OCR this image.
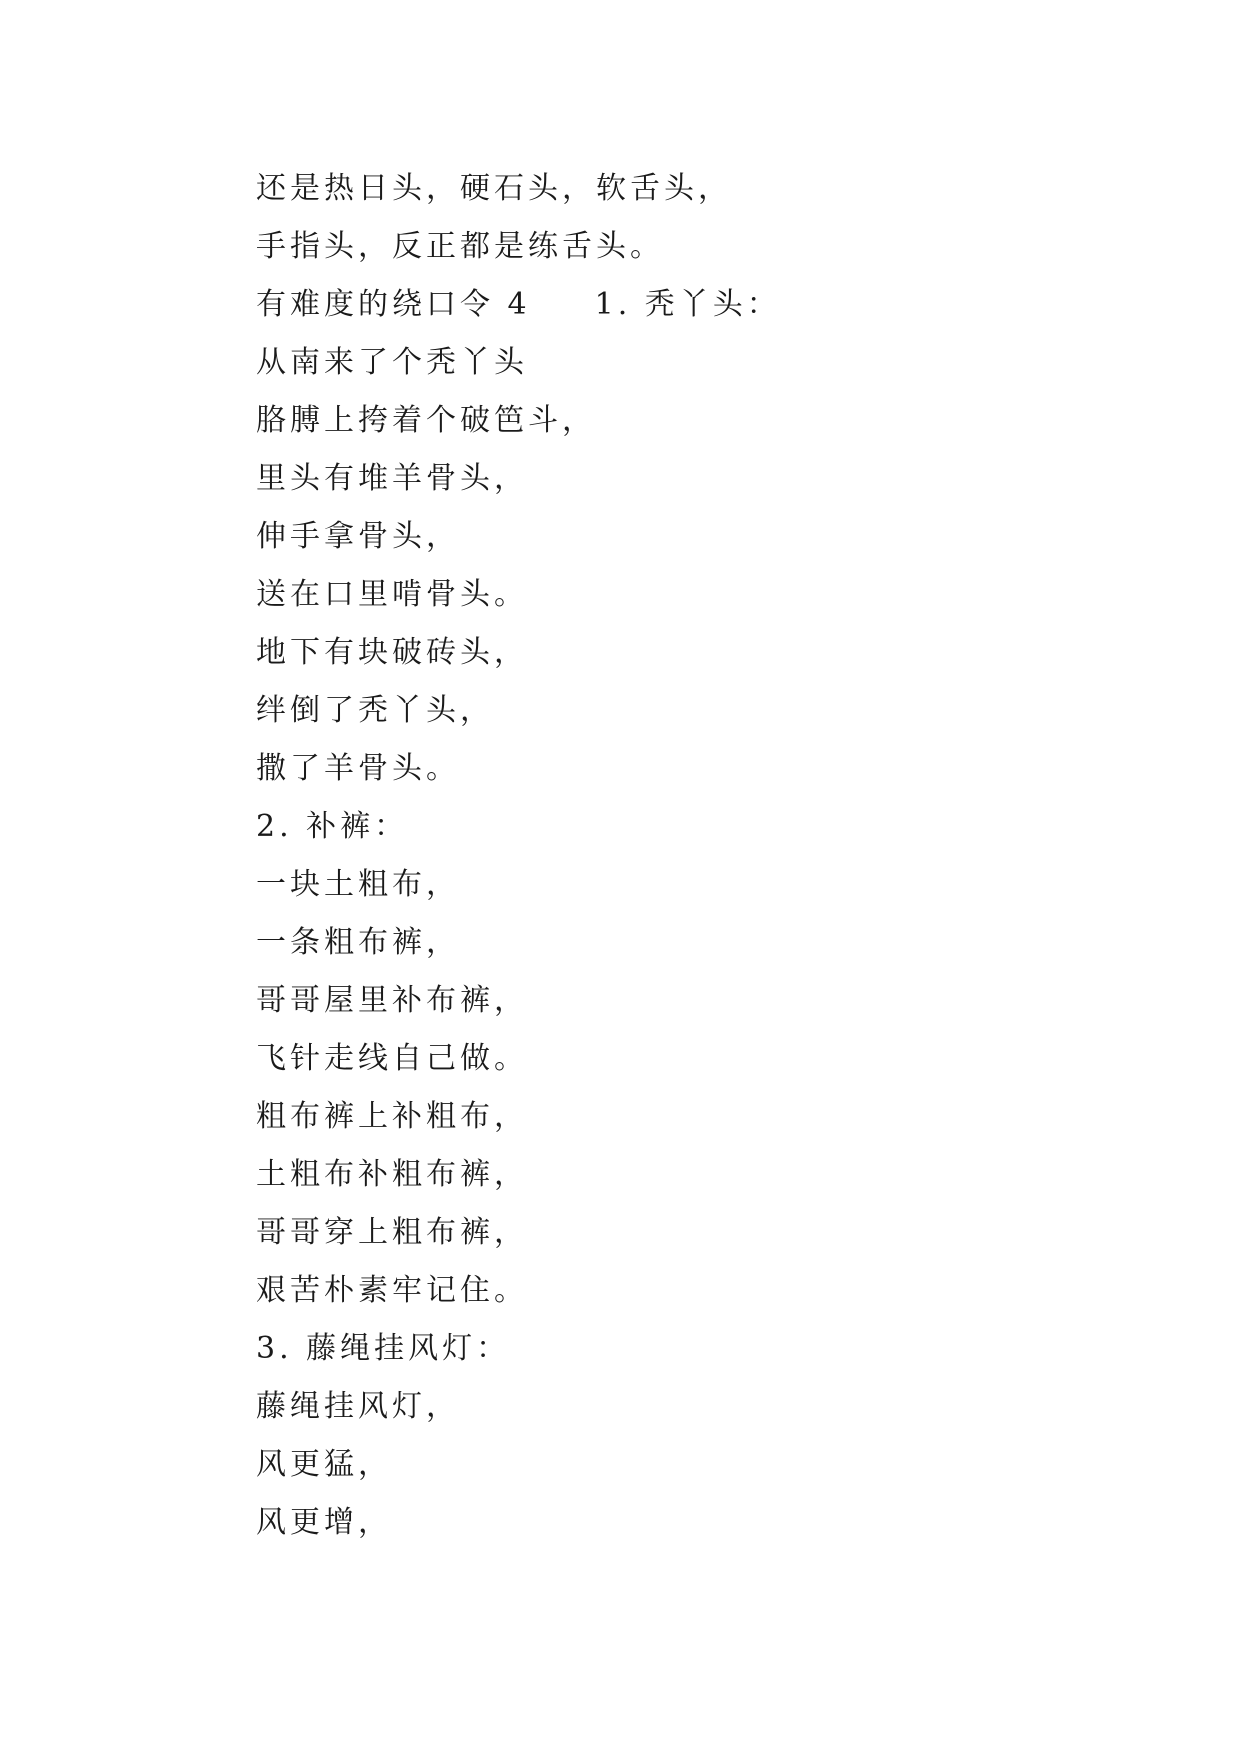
还是热日头，硬石头，软舌头，
手指头，反正都是练舌头。
有难度的绕口令 4 1. 秃丫头：
从南来了个秃丫头
胳膊上挎着个破笆斗，
里头有堆羊骨头，
伸手拿骨头，
送在口里啃骨头。
地下有块破砖头，
绊倒了秃丫头，
撒了羊骨头。
2. 补裤：
一块土粗布，
一条粗布裤，
哥哥屋里补布裤，
飞针走线自己做。
粗布裤上补粗布，
土粗布补粗布裤，
哥哥穿上粗布裤，
艰苦朴素牢记住。
3. 藤绳挂风灯：
藤绳挂风灯，
风更猛，
风更增，
